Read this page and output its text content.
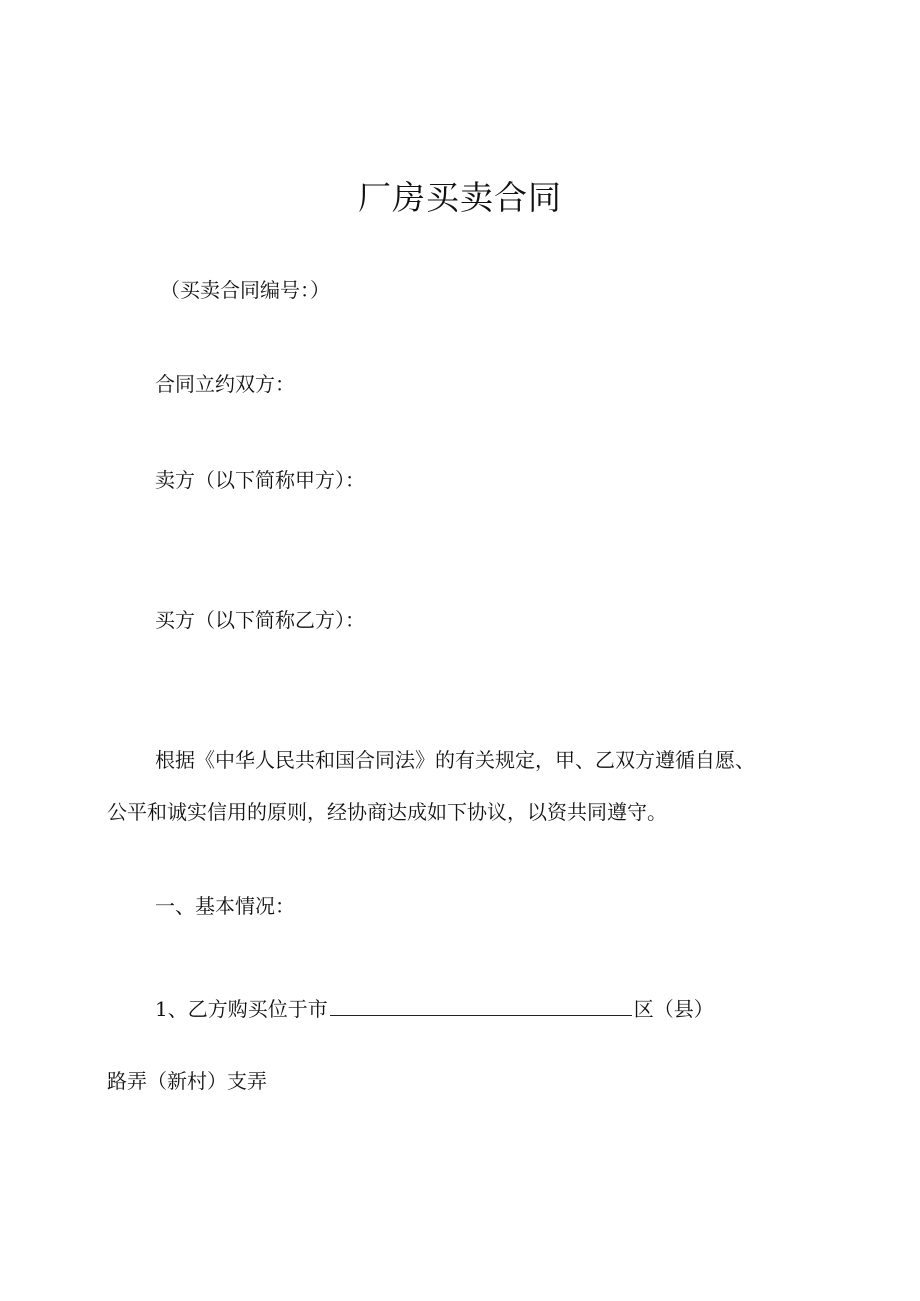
厂房买卖合同
（买卖合同编号：）
合同立约双方：
卖方（以下简称甲方）：
买方（以下简称乙方）：
根据《中华人民共和国合同法》的有关规定，甲、乙双方遵循自愿、
公平和诚实信用的原则，经协商达成如下协议，以资共同遵守。
一、基本情况：
1、乙方购买位于市	区（县）
路弄（新村）支弄
